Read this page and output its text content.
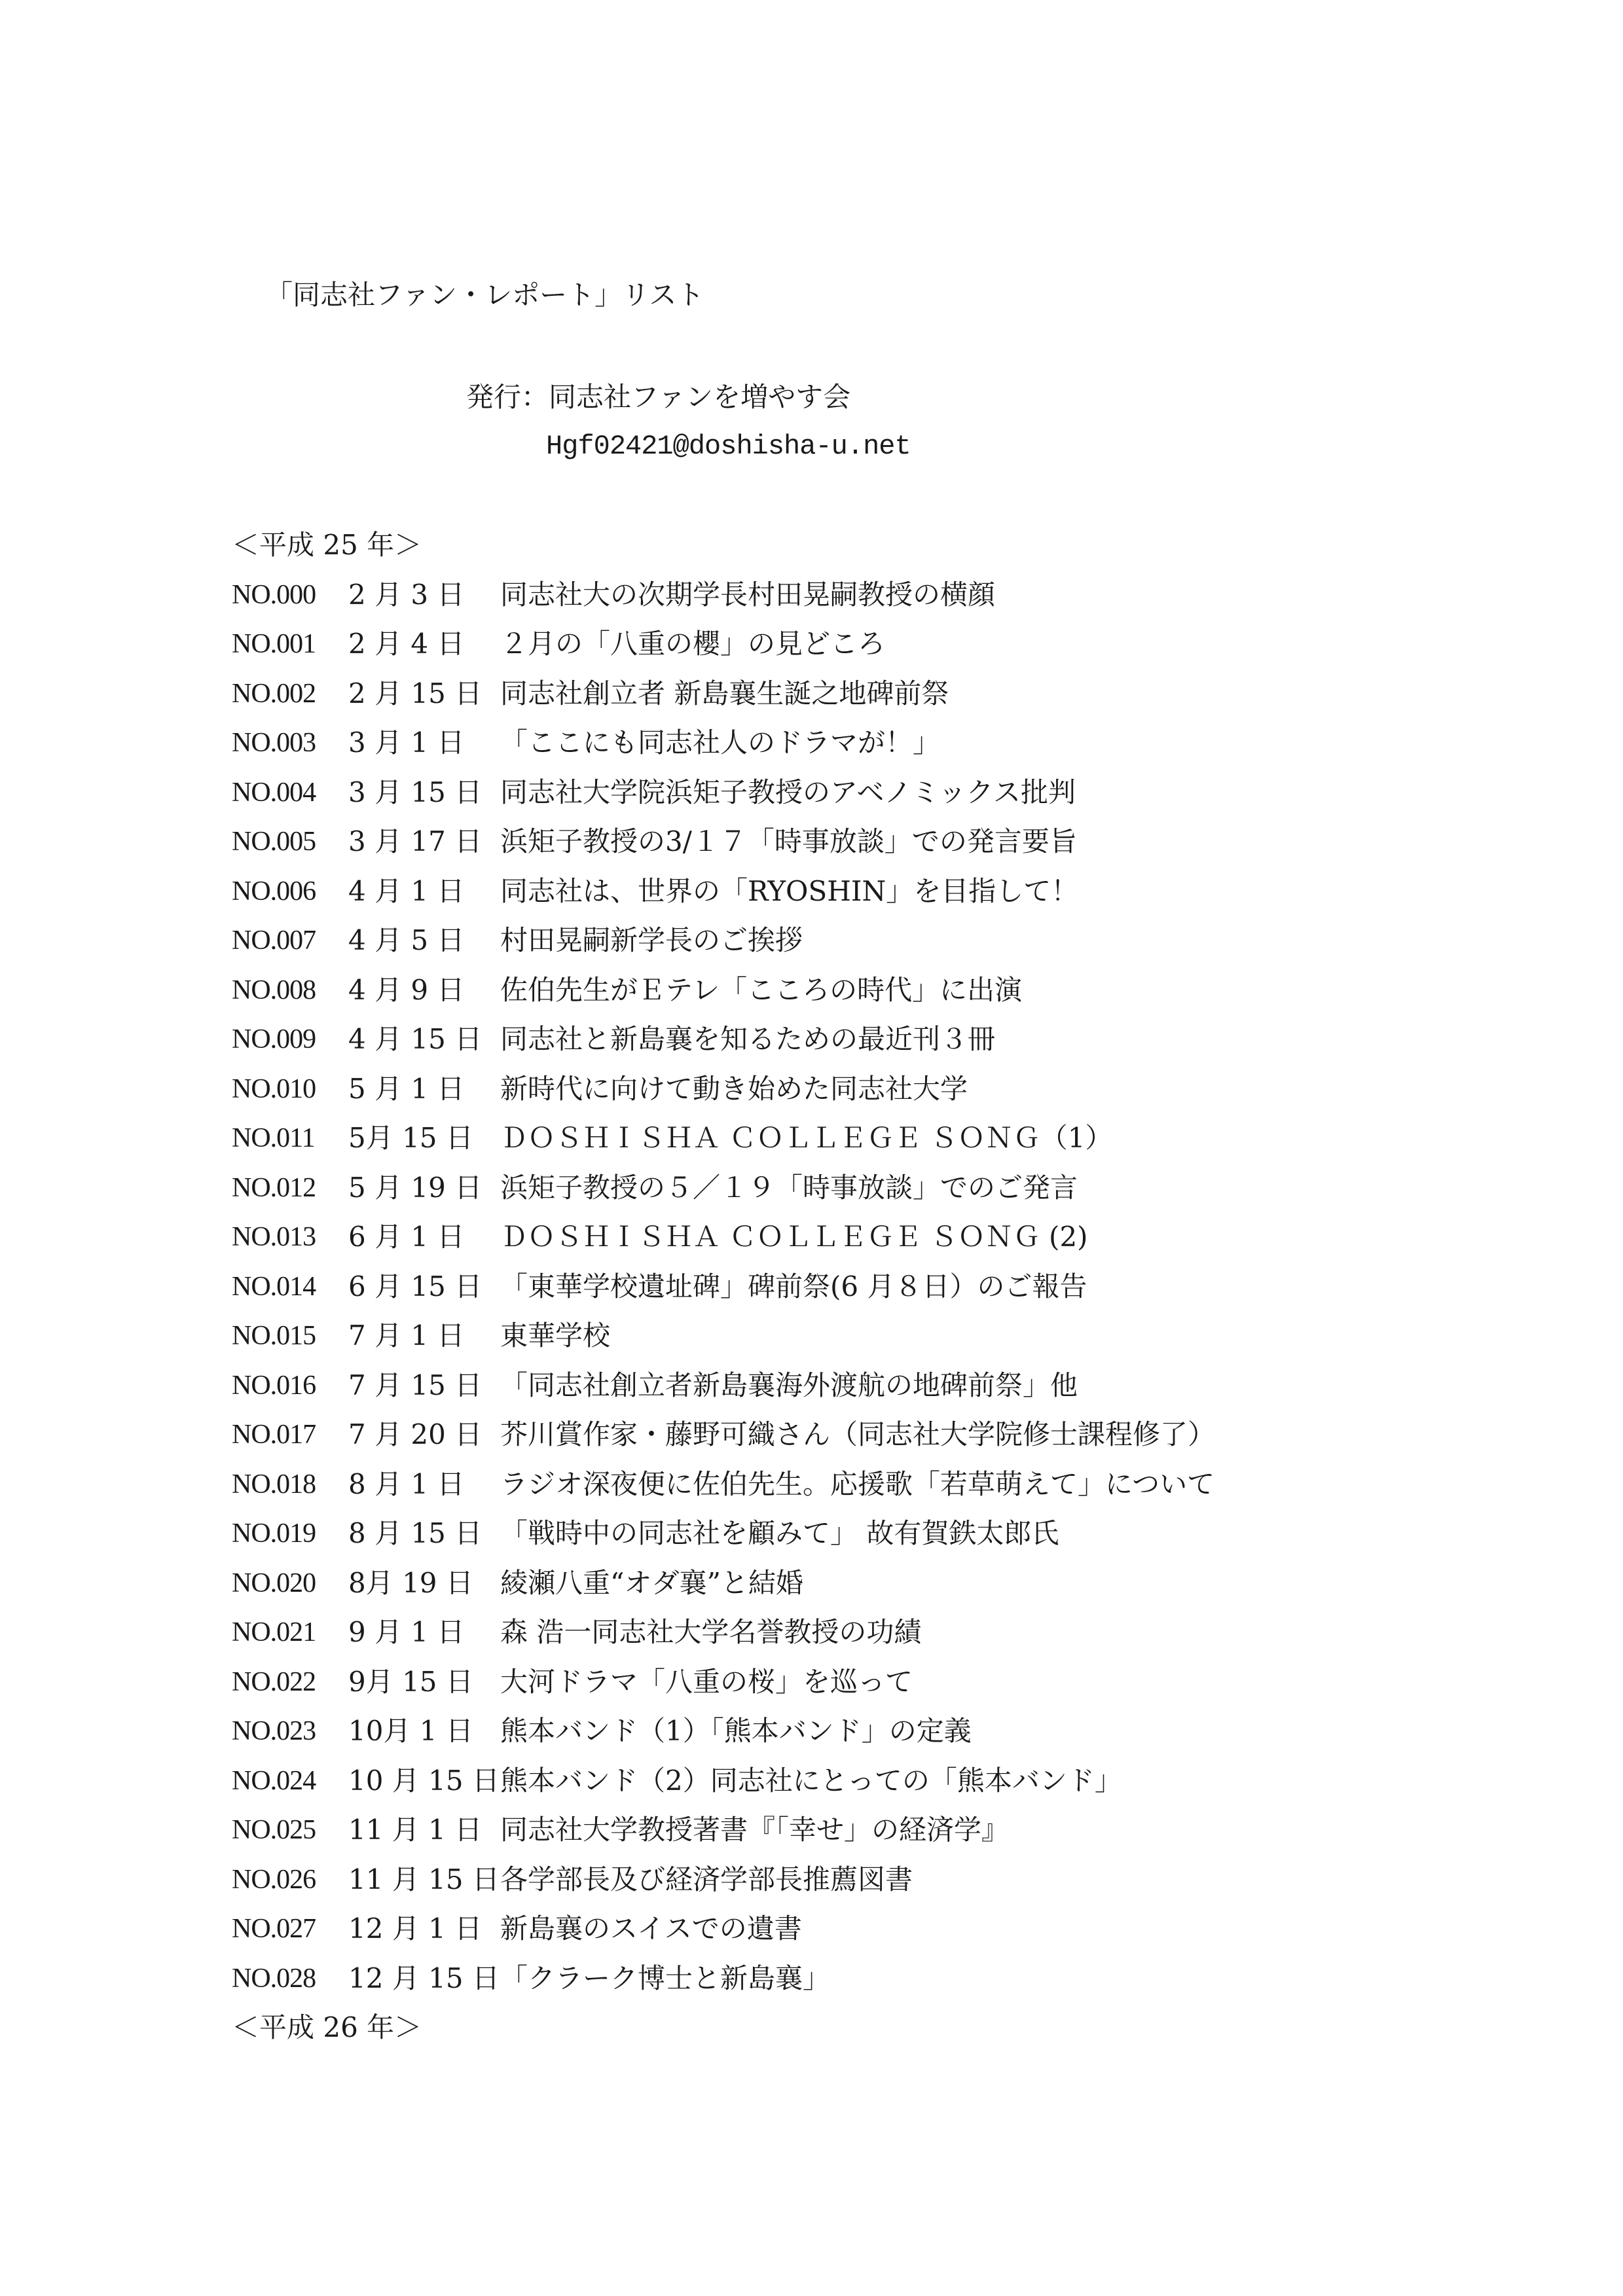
「同志社ファン・レポート」リスト
発行：同志社ファンを増やす会
Hgf02421@doshisha-u.net
＜平成 25 年＞
NO.000 2 月 3 日 同志社大の次期学長村田晃嗣教授の横顔
NO.001 2 月 4 日 ２月の「八重の櫻」の見どころ
NO.002 2 月 15 日 同志社創立者 新島襄生誕之地碑前祭
NO.003 3 月 1 日 「ここにも同志社人のドラマが！」
NO.004 3 月 15 日 同志社大学院浜矩子教授のアベノミックス批判
NO.005 3 月 17 日 浜矩子教授の3/１７「時事放談」での発言要旨
NO.006 4 月 1 日 同志社は、世界の「RYOSHIN」を目指して！
NO.007 4 月 5 日 村田晃嗣新学長のご挨拶
NO.008 4 月 9 日 佐伯先生がＥテレ「こころの時代」に出演
NO.009 4 月 15 日 同志社と新島襄を知るための最近刊３冊
NO.010 5 月 1 日 新時代に向けて動き始めた同志社大学
NO.011 5月 15 日 ＤＯＳＨＩＳＨＡ ＣＯＬＬＥＧＥ ＳＯＮＧ（1）
NO.012 5 月 19 日 浜矩子教授の５／１９「時事放談」でのご発言
NO.013 6 月 1 日 ＤＯＳＨＩＳＨＡ ＣＯＬＬＥＧＥ ＳＯＮＧ (2)
NO.014 6 月 15 日 「東華学校遺址碑」碑前祭(6 月８日）のご報告
NO.015 7 月 1 日 東華学校
NO.016 7 月 15 日 「同志社創立者新島襄海外渡航の地碑前祭」他
NO.017 7 月 20 日 芥川賞作家・藤野可織さん（同志社大学院修士課程修了）
NO.018 8 月 1 日 ラジオ深夜便に佐伯先生。応援歌「若草萌えて」について
NO.019 8 月 15 日 「戦時中の同志社を顧みて」 故有賀鉄太郎氏
NO.020 8月 19 日 綾瀬八重“オダ襄”と結婚
NO.021 9 月 1 日 森 浩一同志社大学名誉教授の功績
NO.022 9月 15 日 大河ドラマ「八重の桜」を巡って
NO.023 10月 1 日 熊本バンド（1）「熊本バンド」の定義
NO.024 10 月 15 日 熊本バンド（2）同志社にとっての「熊本バンド」
NO.025 11 月 1 日 同志社大学教授著書『「幸せ」の経済学』
NO.026 11 月 15 日 各学部長及び経済学部長推薦図書
NO.027 12 月 1 日 新島襄のスイスでの遺書
NO.028 12 月 15 日 「クラーク博士と新島襄」
＜平成 26 年＞
